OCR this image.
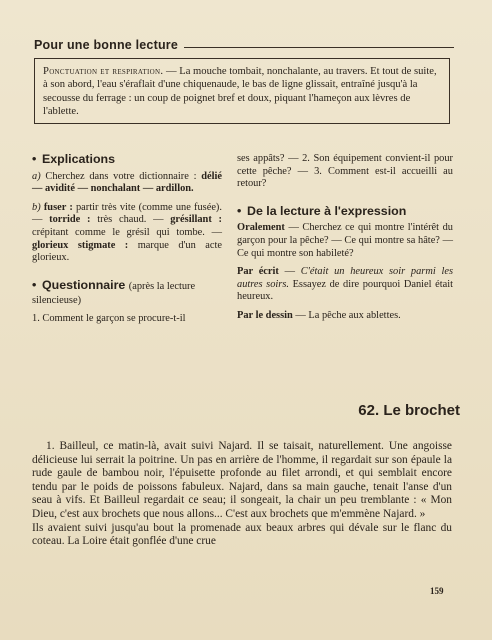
Pour une bonne lecture
Ponctuation et respiration. — La mouche tombait, nonchalante, au travers. Et tout de suite, à son abord, l'eau s'éraflait d'une chiquenaude, le bas de ligne glissait, entraîné jusqu'à la secousse du ferrage : un coup de poignet bref et doux, piquant l'hameçon aux lèvres de l'ablette.
• Explications

a) Cherchez dans votre dictionnaire : délié — avidité — nonchalant — ardillon.

b) fuser : partir très vite (comme une fusée). — torride : très chaud. — grésillant : crépitant comme le grésil qui tombe. — glorieux stigmate : marque d'un acte glorieux.

• Questionnaire (après la lecture silencieuse)

1. Comment le garçon se procure-t-il

ses appâts? — 2. Son équipement convient-il pour cette pêche? — 3. Comment est-il accueilli au retour?

• De la lecture à l'expression

Oralement — Cherchez ce qui montre l'intérêt du garçon pour la pêche? — Ce qui montre sa hâte? — Ce qui montre son habileté?

Par écrit — C'était un heureux soir parmi les autres soirs. Essayez de dire pourquoi Daniel était heureux.

Par le dessin — La pêche aux ablettes.

62. Le brochet

1. Bailleul, ce matin-là, avait suivi Najard. Il se taisait, naturellement. Une angoisse délicieuse lui serrait la poitrine. Un pas en arrière de l'homme, il regardait sur son épaule la rude gaule de bambou noir, l'épuisette profonde au filet arrondi, et qui semblait encore tendu par le poids de poissons fabuleux. Najard, dans sa main gauche, tenait l'anse d'un seau à vifs. Et Bailleul regardait ce seau; il songeait, la chair un peu tremblante : « Mon Dieu, c'est aux brochets que nous allons... C'est aux brochets que m'emmène Najard. »

Ils avaient suivi jusqu'au bout la promenade aux beaux arbres qui dévale sur le flanc du coteau. La Loire était gonflée d'une crue

159
